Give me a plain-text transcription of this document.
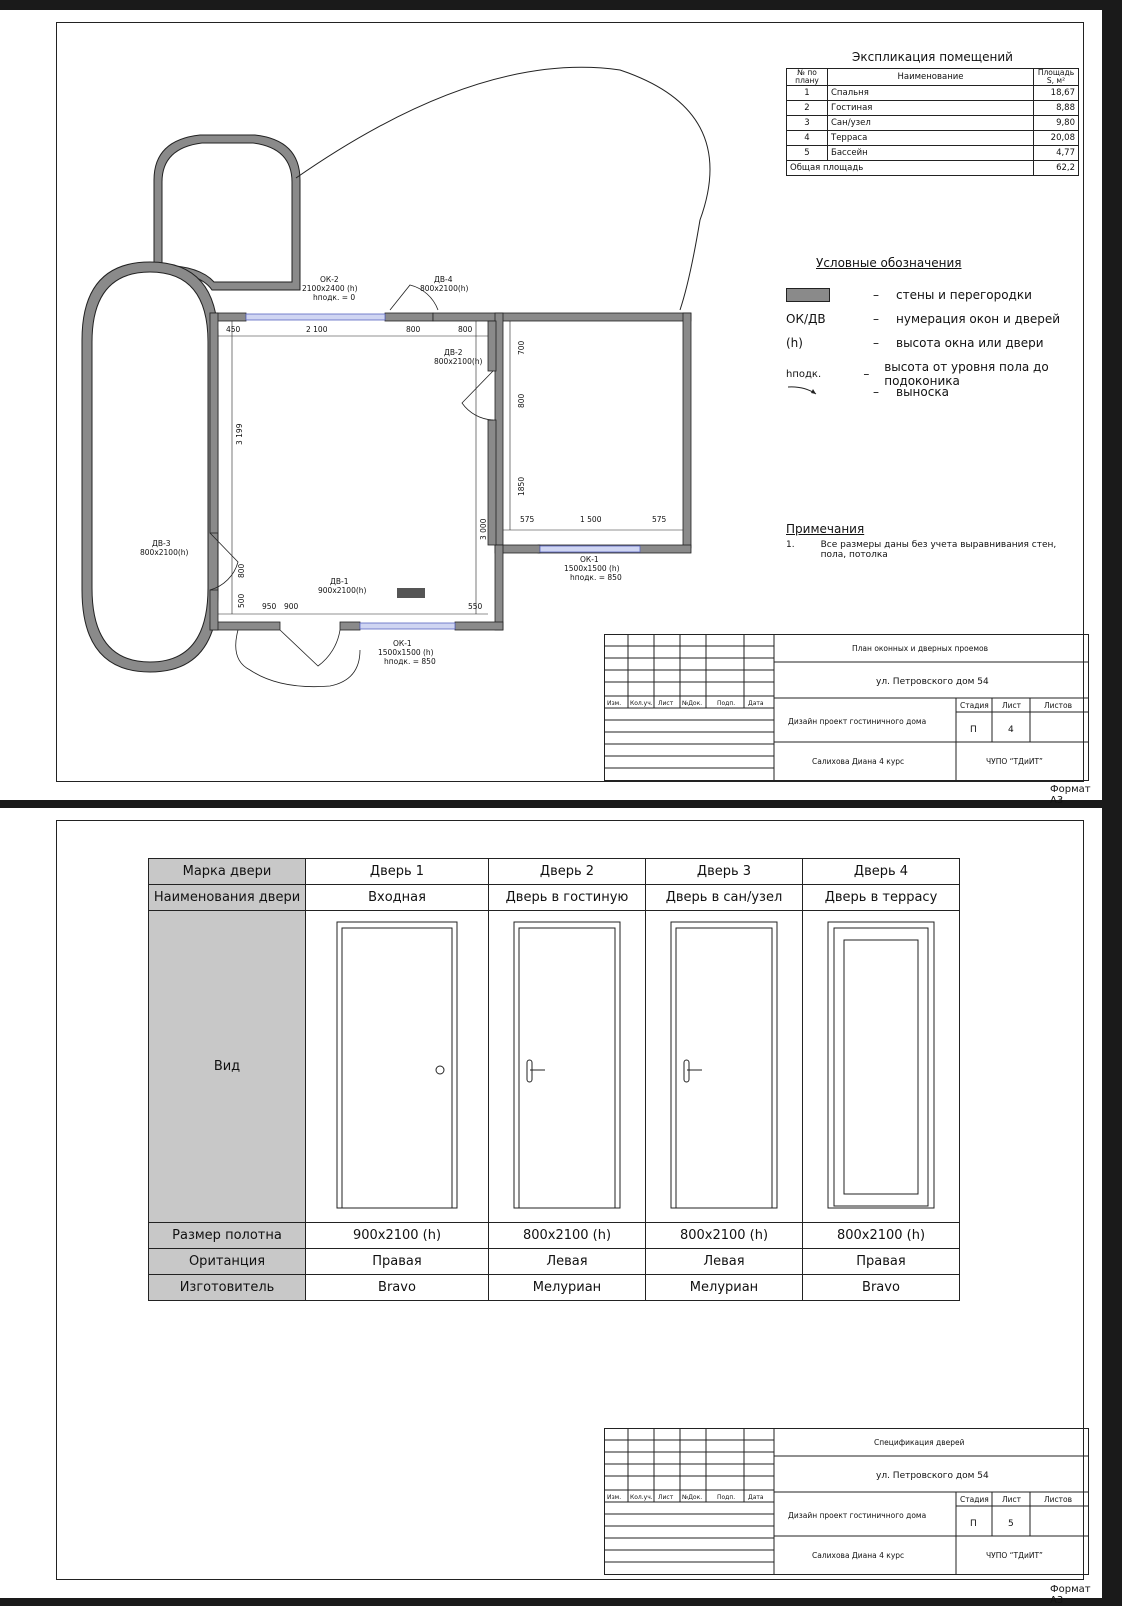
Формат А3
ОК-2
2100х2400 (h)
hподк. = 0
ДВ-4
800х2100(h)
ДВ-2
800х2100(h)
ДВ-3
800х2100(h)
ДВ-1
900х2100(h)
ОК-1
1500х1500 (h)
hподк. = 850
ОК-1
1500х1500 (h)
hподк. = 850
450	2 100	800	800
575	1 500	575
950 900	550
700
800
1850
3 199
3 000
800
500
Экспликация помещений
№ по плану	Наименование	Площадь S, м²
1	Спальня	18,67
2	Гостиная	8,88
3	Сан/узел	9,80
4	Терраса	20,08
5	Бассейн	4,77
Общая площадь		62,2
Условные обозначения
–	стены и перегородки
ОК/ДВ	–	нумерация окон и дверей
(h)	–	высота окна или двери
hподк.	–	высота от уровня пола до подоконика
–	выноска
Примечания
1.	Все размеры даны без учета выравнивания стен, пола, потолка
Изм. Кол.уч. Лист №Док. Подп. Дата
План оконных и дверных проемов
ул. Петровского дом 54
Дизайн проект гостиничного дома
Стадия Лист	Листов
П	4
Салихова Диана 4 курс	ЧУПО “ТДиИТ”
Формат А3
Марка двери	Дверь 1	Дверь 2	Дверь 3	Дверь 4
Наименования двери	Входная	Дверь в гостиную	Дверь в сан/узел	Дверь в террасу
Вид				
Размер полотна	900х2100 (h)	800х2100 (h)	800х2100 (h)	800х2100 (h)
Оританция	Правая	Левая	Левая	Правая
Изготовитель	Bravo	Мелуриан	Мелуриан	Bravo
Изм. Кол.уч. Лист №Док. Подп. Дата
Спецификация дверей
ул. Петровского дом 54
Дизайн проект гостиничного дома
Стадия Лист	Листов
П	5
Салихова Диана 4 курс	ЧУПО “ТДиИТ”
